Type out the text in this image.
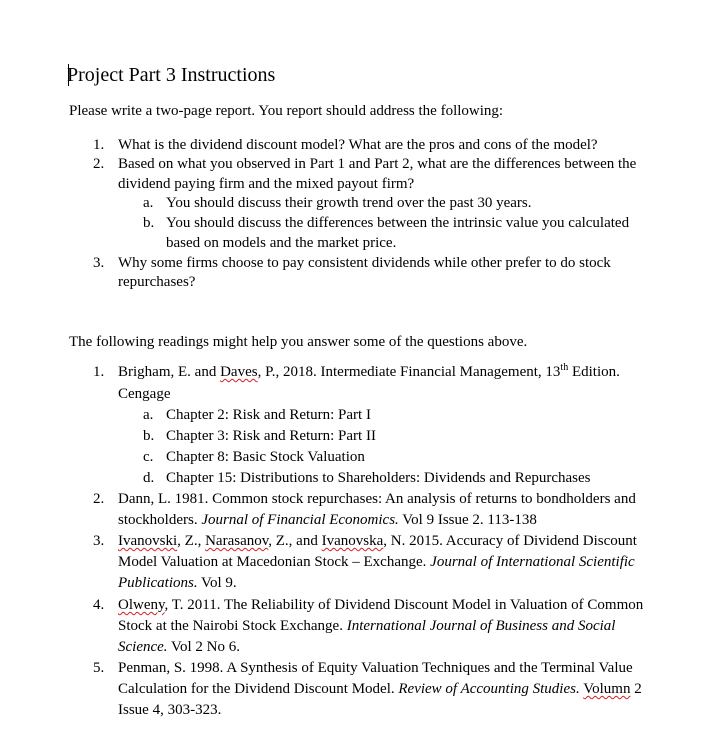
Project Part 3 Instructions
Please write a two-page report. You report should address the following:
1. What is the dividend discount model? What are the pros and cons of the model?
2. Based on what you observed in Part 1 and Part 2, what are the differences between the
dividend paying firm and the mixed payout firm?
a. You should discuss their growth trend over the past 30 years.
b. You should discuss the differences between the intrinsic value you calculated
based on models and the market price.
3. Why some firms choose to pay consistent dividends while other prefer to do stock
repurchases?
The following readings might help you answer some of the questions above.
1. Brigham, E. and Daves, P., 2018. Intermediate Financial Management, 13th Edition.
Cengage
a. Chapter 2: Risk and Return: Part I
b. Chapter 3: Risk and Return: Part II
c. Chapter 8: Basic Stock Valuation
d. Chapter 15: Distributions to Shareholders: Dividends and Repurchases
2. Dann, L. 1981. Common stock repurchases: An analysis of returns to bondholders and
stockholders. Journal of Financial Economics. Vol 9 Issue 2. 113-138
3. Ivanovski, Z., Narasanov, Z., and Ivanovska, N. 2015. Accuracy of Dividend Discount
Model Valuation at Macedonian Stock – Exchange. Journal of International Scientific
Publications. Vol 9.
4. Olweny, T. 2011. The Reliability of Dividend Discount Model in Valuation of Common
Stock at the Nairobi Stock Exchange. International Journal of Business and Social
Science. Vol 2 No 6.
5. Penman, S. 1998. A Synthesis of Equity Valuation Techniques and the Terminal Value
Calculation for the Dividend Discount Model. Review of Accounting Studies. Volumn 2
Issue 4, 303-323.
